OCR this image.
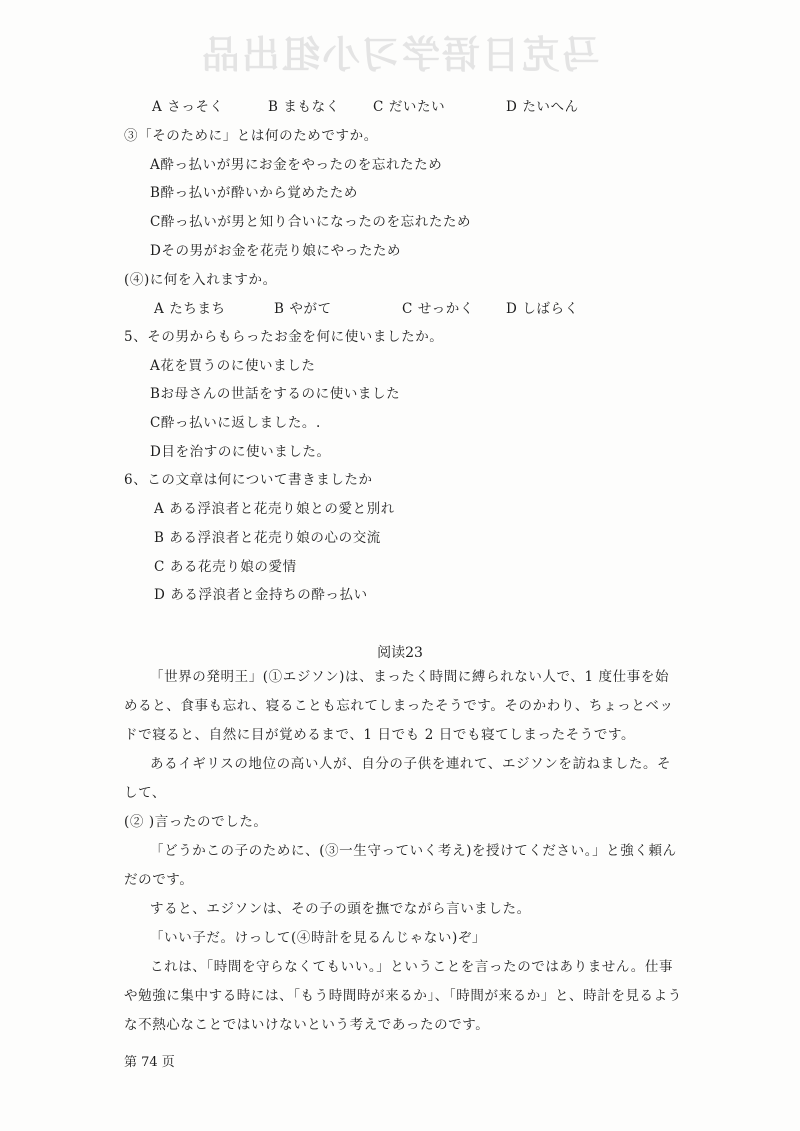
马克日语学习小组出品
A さっそく	B まもなく C だいたい	D たいへん
③「そのために」とは何のためですか。
A酔っ払いが男にお金をやったのを忘れたため
B酔っ払いが酔いから覚めたため
C酔っ払いが男と知り合いになったのを忘れたため
Dその男がお金を花売り娘にやったため
(④)に何を入れますか。
A たちまち	B やがて	C せっかく D しばらく
5、その男からもらったお金を何に使いましたか。
A花を買うのに使いました
Bお母さんの世話をするのに使いました
C酔っ払いに返しました。.
D目を治すのに使いました。
6、この文章は何について書きましたか
A ある浮浪者と花売り娘との愛と別れ
B ある浮浪者と花売り娘の心の交流
C ある花売り娘の愛情
D ある浮浪者と金持ちの酔っ払い
阅读23
「世界の発明王」(①エジソン)は、まったく時間に縛られない人で、1 度仕事を始
めると、食事も忘れ、寝ることも忘れてしまったそうです。そのかわり、ちょっとベッ
ドで寝ると、自然に目が覚めるまで、1 日でも 2 日でも寝てしまったそうです。
あるイギリスの地位の高い人が、自分の子供を連れて、エジソンを訪ねました。そ
して、
(② )言ったのでした。
「どうかこの子のために、(③一生守っていく考え)を授けてください。」と強く頼ん
だのです。
すると、エジソンは、その子の頭を撫でながら言いました。
「いい子だ。けっして(④時計を見るんじゃない)ぞ」
これは、「時間を守らなくてもいい。」ということを言ったのではありません。仕事
や勉強に集中する時には、「もう時間時が来るか」、「時間が来るか」と、時計を見るよう
な不熱心なことではいけないという考えであったのです。
第 74 页
